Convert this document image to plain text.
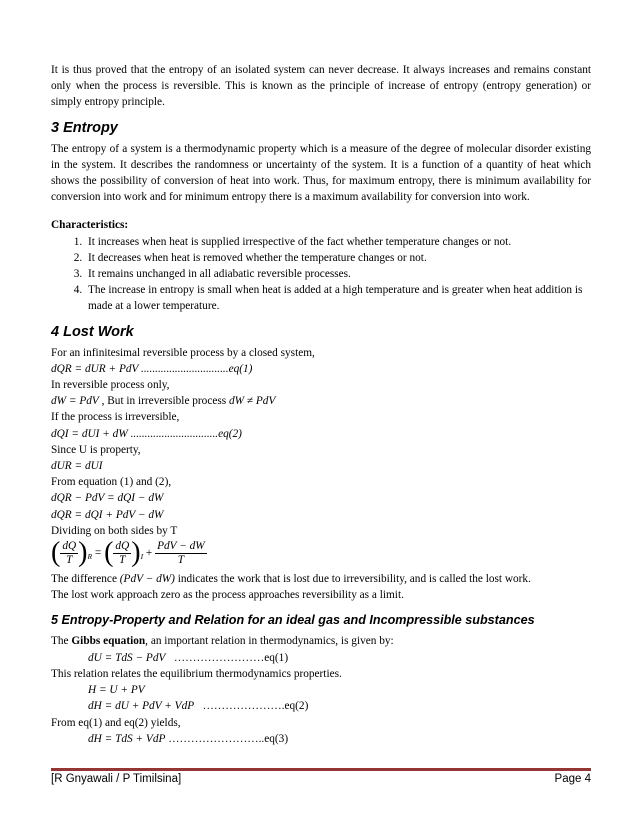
It is thus proved that the entropy of an isolated system can never decrease. It always increases and remains constant only when the process is reversible. This is known as the principle of increase of entropy (entropy generation) or simply entropy principle.

3 Entropy

The entropy of a system is a thermodynamic property which is a measure of the degree of molecular disorder existing in the system. It describes the randomness or uncertainty of the system. It is a function of a quantity of heat which shows the possibility of conversion of heat into work. Thus, for maximum entropy, there is minimum availability for conversion into work and for minimum entropy there is a maximum availability for conversion into work.

Characteristics:

1. It increases when heat is supplied irrespective of the fact whether temperature changes or not.
2. It decreases when heat is removed whether the temperature changes or not.
3. It remains unchanged in all adiabatic reversible processes.
4. The increase in entropy is small when heat is added at a high temperature and is greater when heat addition is made at a lower temperature.
4 Lost Work

For an infinitesimal reversible process by a closed system,

dQR = dUR + PdV ...............................eq(1)

In reversible process only,

dW = PdV , But in irreversible process dW ≠ PdV

If the process is irreversible,

dQI = dUI + dW ...............................eq(2)

Since U is property,

dUR = dUI

From equation (1) and (2),

dQR − PdV = dQI − dW

dQR = dQI + PdV − dW

Dividing on both sides by T

( $\frac{dQ}{T} )_R$ = ( $\frac{dQ}{T} )_I + \frac{\text{PdV − dW}}{T}$

The difference (PdV − dW) indicates the work that is lost due to irreversibility, and is called the lost work.

The lost work approach zero as the process approaches reversibility as a limit.

5 Entropy-Property and Relation for an ideal gas and Incompressible substances

The Gibbs equation, an important relation in thermodynamics, is given by:

dU = TdS − PdV ……………………eq(1)

This relation relates the equilibrium thermodynamics properties.

H = U + PV

dH = dU + PdV + VdP ………………….eq(2)

From eq(1) and eq(2) yields,

dH = TdS + VdP ……………………..eq(3)

[R Gnyawali / P Timilsina]	Page 4
